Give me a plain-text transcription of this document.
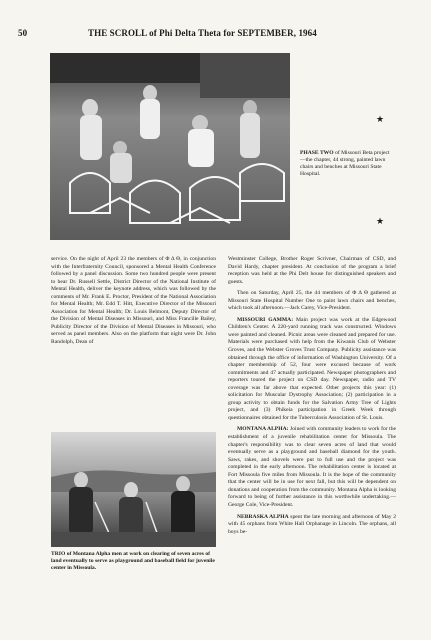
50	THE SCROLL of Phi Delta Theta for SEPTEMBER, 1964
★
PHASE TWO of Missouri Beta project—the chapter, 44 strong, painted lawn chairs and benches at Missouri State Hospital.
★

service. On the night of April 23 the members of Φ Δ Θ, in conjunction with the Interfraternity Council, sponsored a Mental Health Conference followed by a panel discussion. Some two hundred people were present to hear Dr. Russell Settle, District Director of the National Institute of Mental Health, deliver the keynote address, which was followed by the comments of Mr. Frank E. Proctor, President of the National Association for Mental Health; Mr. Edd T. Hitt, Executive Director of the Missouri Association for Mental Health; Dr. Louis Belmont, Deputy Director of the Division of Mental Diseases in Missouri, and Miss Francille Bailey, Publicity Director of the Division of Mental Diseases in Missouri, who served as panel members. Also on the platform that night were Dr. John Randolph, Dean of

Westminster College, Brother Roger Scrivner, Chairman of CSD, and David Hardy, chapter president. At conclusion of the program a brief reception was held at the Phi Delt house for distinguished speakers and guests.

Then on Saturday, April 25, the 44 members of Φ Δ Θ gathered at Missouri State Hospital Number One to paint lawn chairs and benches, which took all afternoon.—Jack Carey, Vice-President.

MISSOURI GAMMA: Main project was work at the Edgewood Children's Center. A 220-yard running track was constructed. Windows were painted and cleaned. Picnic areas were cleaned and prepared for use. Materials were purchased with help from the Kiwanis Club of Webster Groves, and the Webster Groves Trust Company. Publicity assistance was obtained through the office of information of Washington University. Of a chapter membership of 52, four were excused because of work commitments and 47 actually participated. Newspaper photographers and reporters toured the project on CSD day. Newspaper, radio and TV coverage was far above that expected. Other projects this year: (1) solicitation for Muscular Dystrophy Association; (2) participation in a group activity to obtain funds for the Salvation Army Tree of Lights project, and (3) Phikeia participation in Greek Week through questionnaires obtained for the Tuberculosis Association of St. Louis.

MONTANA ALPHA: Joined with community leaders to work for the establishment of a juvenile rehabilitation center for Missoula. The chapter's responsibility was to clear seven acres of land that would eventually serve as a playground and baseball diamond for the youth. Saws, rakes, and shovels were put to full use and the project was completed in the early afternoon. The rehabilitation center is located at Fort Missoula five miles from Missoula. It is the hope of the community that the center will be in use for next fall, but this will be dependent on donations and cooperation from the community. Montana Alpha is looking forward to being of further assistance in this worthwhile undertaking.—George Cole, Vice-President.

NEBRASKA ALPHA spent the late morning and afternoon of May 2 with 45 orphans from White Hall Orphanage in Lincoln. The orphans, all boys be-

TRIO of Montana Alpha men at work on clearing of seven acres of land eventually to serve as playground and baseball field for juvenile center in Missoula.
